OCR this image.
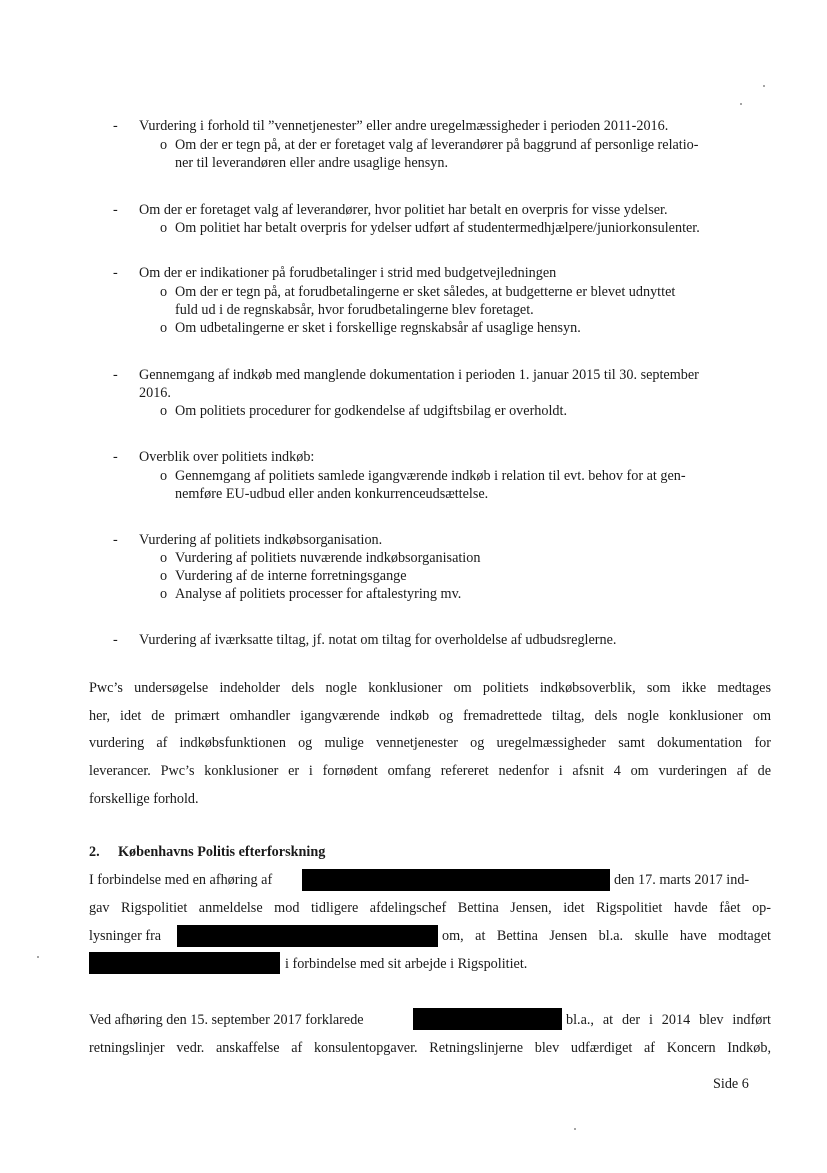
- Vurdering i forhold til ”vennetjenester” eller andre uregelmæssigheder i perioden 2011-2016.
o Om der er tegn på, at der er foretaget valg af leverandører på baggrund af personlige relatio-
ner til leverandøren eller andre usaglige hensyn.
- Om der er foretaget valg af leverandører, hvor politiet har betalt en overpris for visse ydelser.
o Om politiet har betalt overpris for ydelser udført af studentermedhjælpere/juniorkonsulenter.
- Om der er indikationer på forudbetalinger i strid med budgetvejledningen
o Om der er tegn på, at forudbetalingerne er sket således, at budgetterne er blevet udnyttet
fuld ud i de regnskabsår, hvor forudbetalingerne blev foretaget.
o Om udbetalingerne er sket i forskellige regnskabsår af usaglige hensyn.
- Gennemgang af indkøb med manglende dokumentation i perioden 1. januar 2015 til 30. september
2016.
o Om politiets procedurer for godkendelse af udgiftsbilag er overholdt.
- Overblik over politiets indkøb:
o Gennemgang af politiets samlede igangværende indkøb i relation til evt. behov for at gen-
nemføre EU-udbud eller anden konkurrenceudsættelse.
- Vurdering af politiets indkøbsorganisation.
o Vurdering af politiets nuværende indkøbsorganisation
o Vurdering af de interne forretningsgange
o Analyse af politiets processer for aftalestyring mv.
- Vurdering af iværksatte tiltag, jf. notat om tiltag for overholdelse af udbudsreglerne.
Pwc’s undersøgelse indeholder dels nogle konklusioner om politiets indkøbsoverblik, som ikke medtages
her, idet de primært omhandler igangværende indkøb og fremadrettede tiltag, dels nogle konklusioner om
vurdering af indkøbsfunktionen og mulige vennetjenester og uregelmæssigheder samt dokumentation for
leverancer. Pwc’s konklusioner er i fornødent omfang refereret nedenfor i afsnit 4 om vurderingen af de
forskellige forhold.
2. Københavns Politis efterforskning
I forbindelse med en afhøring af	den 17. marts 2017 ind-
gav Rigspolitiet anmeldelse mod tidligere afdelingschef Bettina Jensen, idet Rigspolitiet havde fået op-
lysninger fra	om, at Bettina Jensen bl.a. skulle have modtaget
i forbindelse med sit arbejde i Rigspolitiet.
Ved afhøring den 15. september 2017 forklarede	bl.a., at der i 2014 blev indført
retningslinjer vedr. anskaffelse af konsulentopgaver. Retningslinjerne blev udfærdiget af Koncern Indkøb,
Side 6
